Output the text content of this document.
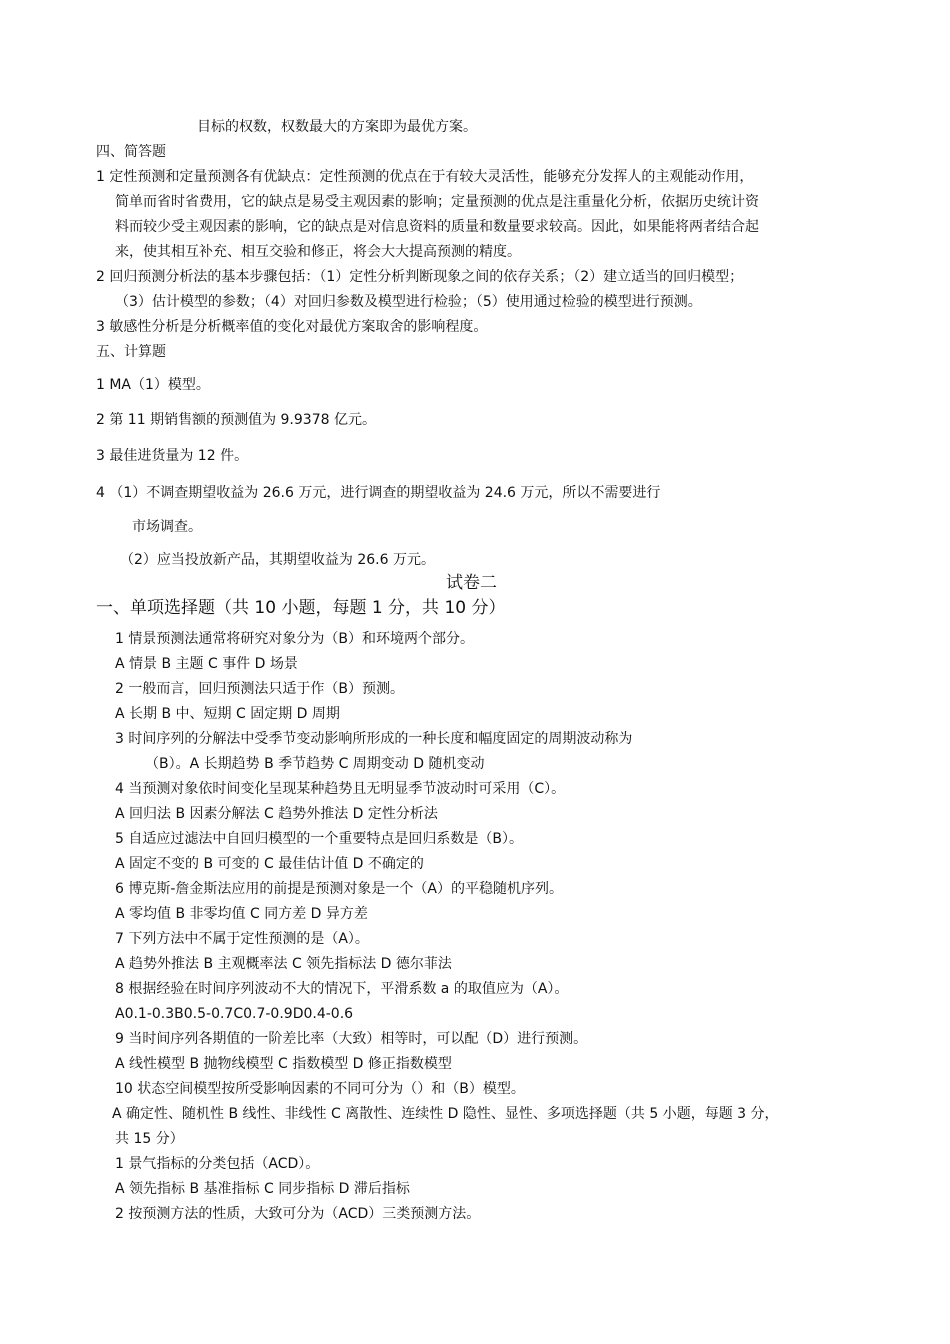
目标的权数，权数最大的方案即为最优方案。
四、简答题
1 定性预测和定量预测各有优缺点：定性预测的优点在于有较大灵活性，能够充分发挥人的主观能动作用，
简单而省时省费用，它的缺点是易受主观因素的影响；定量预测的优点是注重量化分析，依据历史统计资
料而较少受主观因素的影响，它的缺点是对信息资料的质量和数量要求较高。因此，如果能将两者结合起
来，使其相互补充、相互交验和修正，将会大大提高预测的精度。
2 回归预测分析法的基本步骤包括：（1）定性分析判断现象之间的依存关系；（2）建立适当的回归模型；
（3）估计模型的参数；（4）对回归参数及模型进行检验；（5）使用通过检验的模型进行预测。
3 敏感性分析是分析概率值的变化对最优方案取舍的影响程度。
五、计算题
1 MA（1）模型。
2 第 11 期销售额的预测值为 9.9378 亿元。
3 最佳进货量为 12 件。
4 （1）不调查期望收益为 26.6 万元，进行调查的期望收益为 24.6 万元，所以不需要进行
市场调查。
（2）应当投放新产品，其期望收益为 26.6 万元。
试卷二
一、单项选择题（共 10 小题，每题 1 分，共 10 分）
1 情景预测法通常将研究对象分为（B）和环境两个部分。
A 情景 B 主题 C 事件 D 场景
2 一般而言，回归预测法只适于作（B）预测。
A 长期 B 中、短期 C 固定期 D 周期
3 时间序列的分解法中受季节变动影响所形成的一种长度和幅度固定的周期波动称为
（B）。A 长期趋势 B 季节趋势 C 周期变动 D 随机变动
4 当预测对象依时间变化呈现某种趋势且无明显季节波动时可采用（C）。
A 回归法 B 因素分解法 C 趋势外推法 D 定性分析法
5 自适应过滤法中自回归模型的一个重要特点是回归系数是（B）。
A 固定不变的 B 可变的 C 最佳估计值 D 不确定的
6 博克斯-詹金斯法应用的前提是预测对象是一个（A）的平稳随机序列。
A 零均值 B 非零均值 C 同方差 D 异方差
7 下列方法中不属于定性预测的是（A）。
A 趋势外推法 B 主观概率法 C 领先指标法 D 德尔菲法
8 根据经验在时间序列波动不大的情况下，平滑系数 a 的取值应为（A）。
A0.1-0.3B0.5-0.7C0.7-0.9D0.4-0.6
9 当时间序列各期值的一阶差比率（大致）相等时，可以配（D）进行预测。
A 线性模型 B 抛物线模型 C 指数模型 D 修正指数模型
10 状态空间模型按所受影响因素的不同可分为（）和（B）模型。
A 确定性、随机性 B 线性、非线性 C 离散性、连续性 D 隐性、显性、多项选择题（共 5 小题，每题 3 分，
共 15 分）
1 景气指标的分类包括（ACD）。
A 领先指标 B 基准指标 C 同步指标 D 滞后指标
2 按预测方法的性质，大致可分为（ACD）三类预测方法。
